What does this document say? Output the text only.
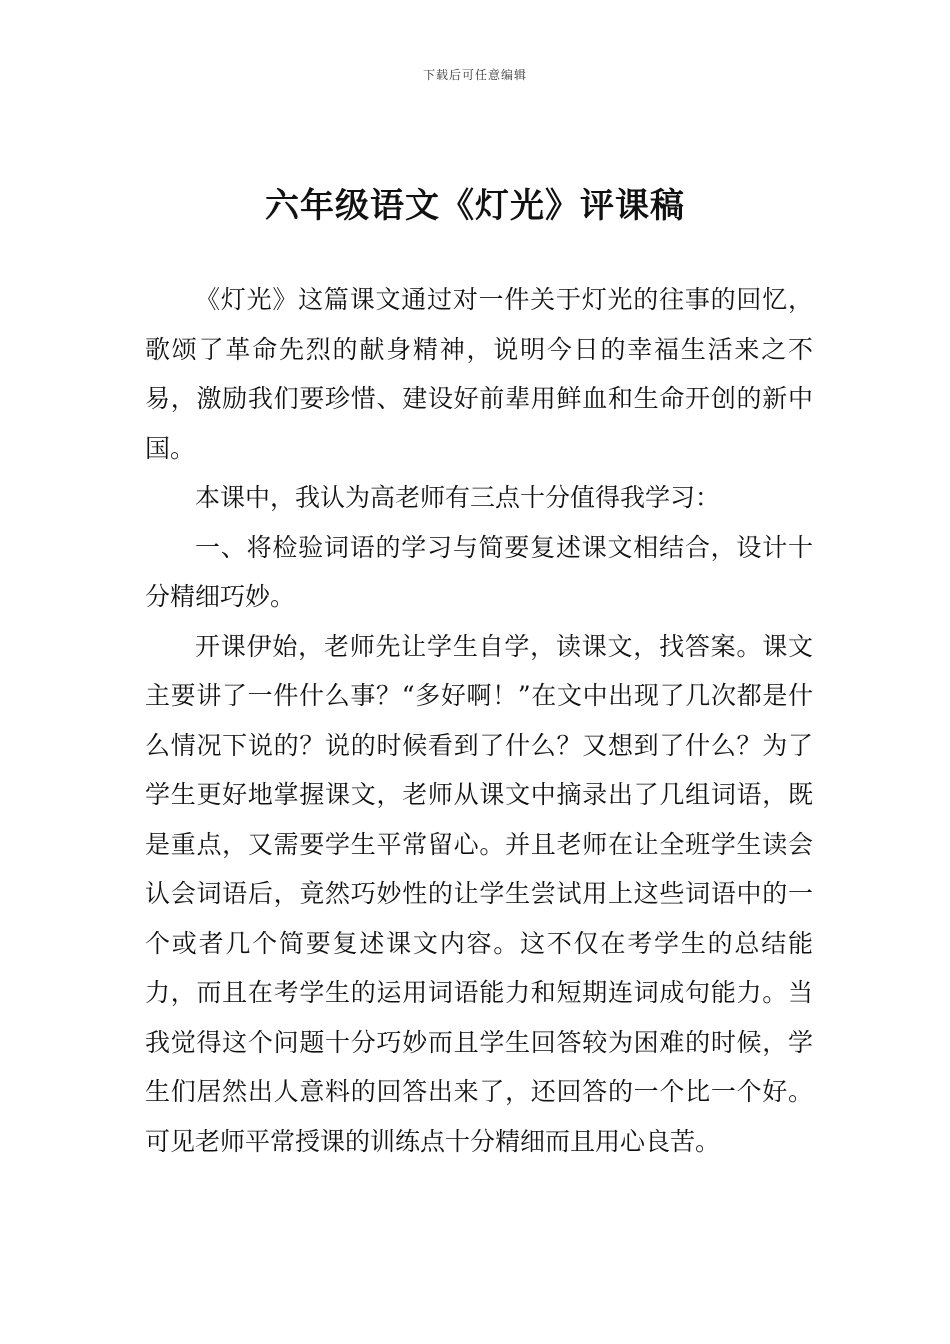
下载后可任意编辑
六年级语文《灯光》评课稿

《灯光》这篇课文通过对一件关于灯光的往事的回忆，歌颂了革命先烈的献身精神，说明今日的幸福生活来之不易，激励我们要珍惜、建设好前辈用鲜血和生命开创的新中国。

本课中，我认为高老师有三点十分值得我学习：

一、将检验词语的学习与简要复述课文相结合，设计十分精细巧妙。

开课伊始，老师先让学生自学，读课文，找答案。课文主要讲了一件什么事？“多好啊！”在文中出现了几次都是什么情况下说的？说的时候看到了什么？又想到了什么？为了学生更好地掌握课文，老师从课文中摘录出了几组词语，既是重点，又需要学生平常留心。并且老师在让全班学生读会认会词语后，竟然巧妙性的让学生尝试用上这些词语中的一个或者几个简要复述课文内容。这不仅在考学生的总结能力，而且在考学生的运用词语能力和短期连词成句能力。当我觉得这个问题十分巧妙而且学生回答较为困难的时候，学生们居然出人意料的回答出来了，还回答的一个比一个好。可见老师平常授课的训练点十分精细而且用心良苦。
